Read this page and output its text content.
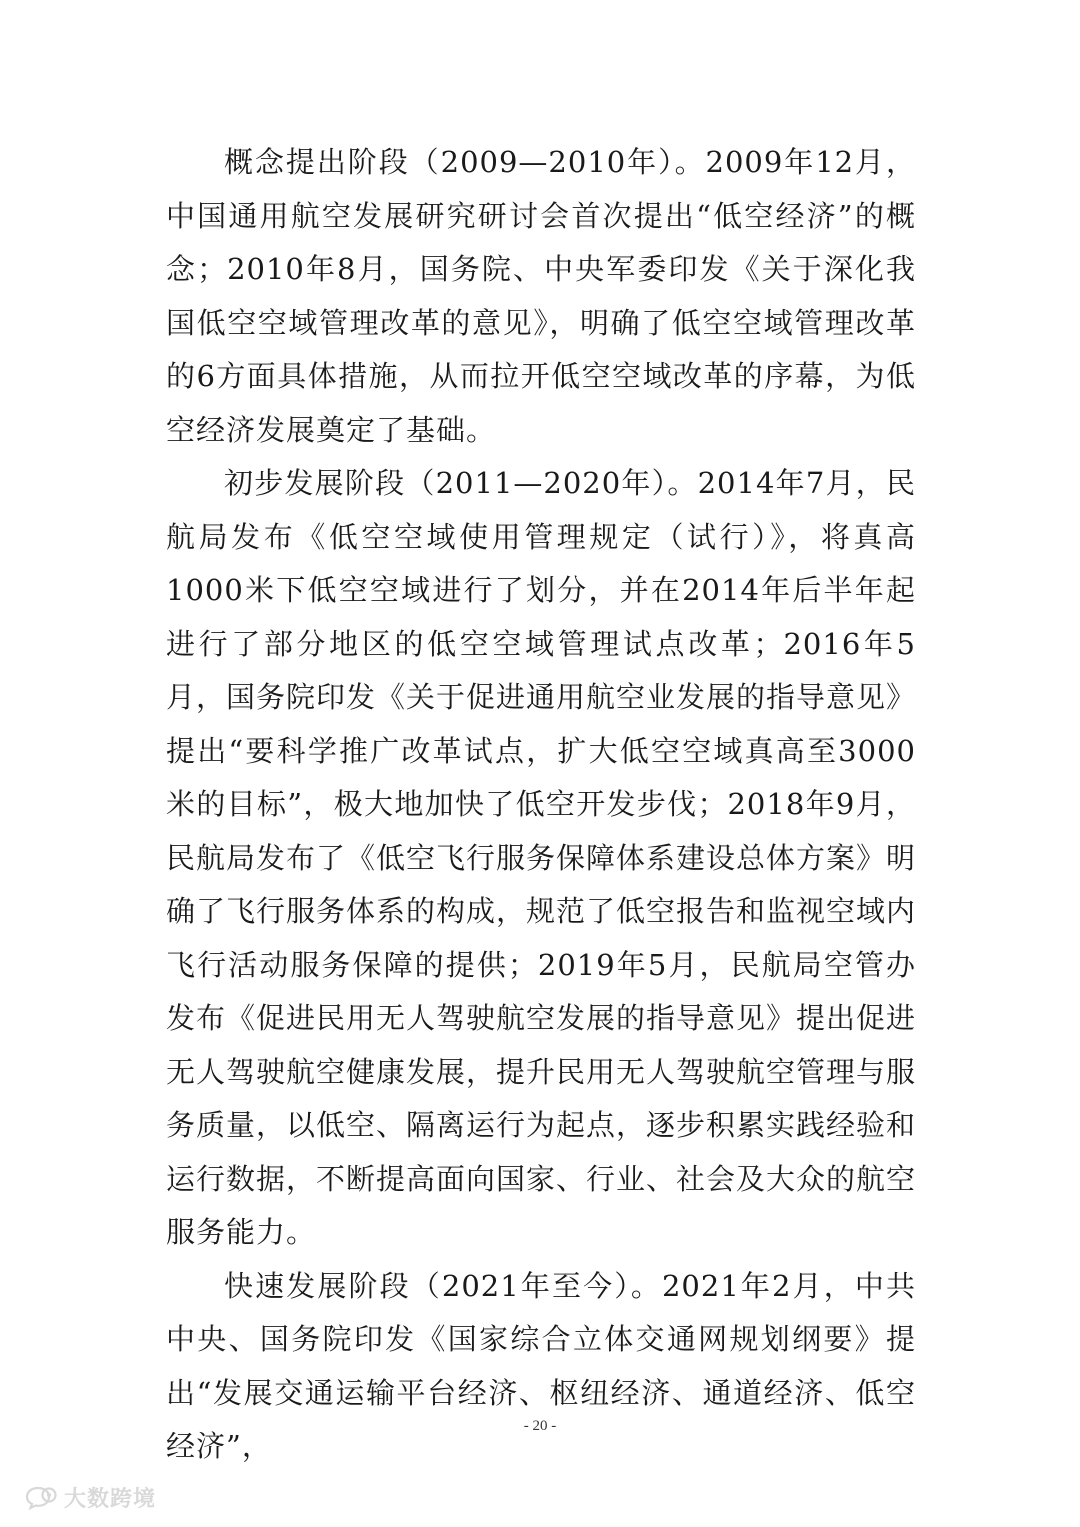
概念提出阶段（2009—2010年）。2009年12月，中国通用航空发展研究研讨会首次提出“低空经济”的概念；2010年8月，国务院、中央军委印发《关于深化我国低空空域管理改革的意见》，明确了低空空域管理改革的6方面具体措施，从而拉开低空空域改革的序幕，为低空经济发展奠定了基础。

初步发展阶段（2011—2020年）。2014年7月，民航局发布《低空空域使用管理规定（试行）》，将真高1000米下低空空域进行了划分，并在2014年后半年起进行了部分地区的低空空域管理试点改革；2016年5月，国务院印发《关于促进通用航空业发展的指导意见》提出“要科学推广改革试点，扩大低空空域真高至3000米的目标”，极大地加快了低空开发步伐；2018年9月，民航局发布了《低空飞行服务保障体系建设总体方案》明确了飞行服务体系的构成，规范了低空报告和监视空域内飞行活动服务保障的提供；2019年5月，民航局空管办发布《促进民用无人驾驶航空发展的指导意见》提出促进无人驾驶航空健康发展，提升民用无人驾驶航空管理与服务质量，以低空、隔离运行为起点，逐步积累实践经验和运行数据，不断提高面向国家、行业、社会及大众的航空服务能力。

快速发展阶段（2021年至今）。2021年2月，中共中央、国务院印发《国家综合立体交通网规划纲要》提出“发展交通运输平台经济、枢纽经济、通道经济、低空经济”，

- 20 -
大数跨境
